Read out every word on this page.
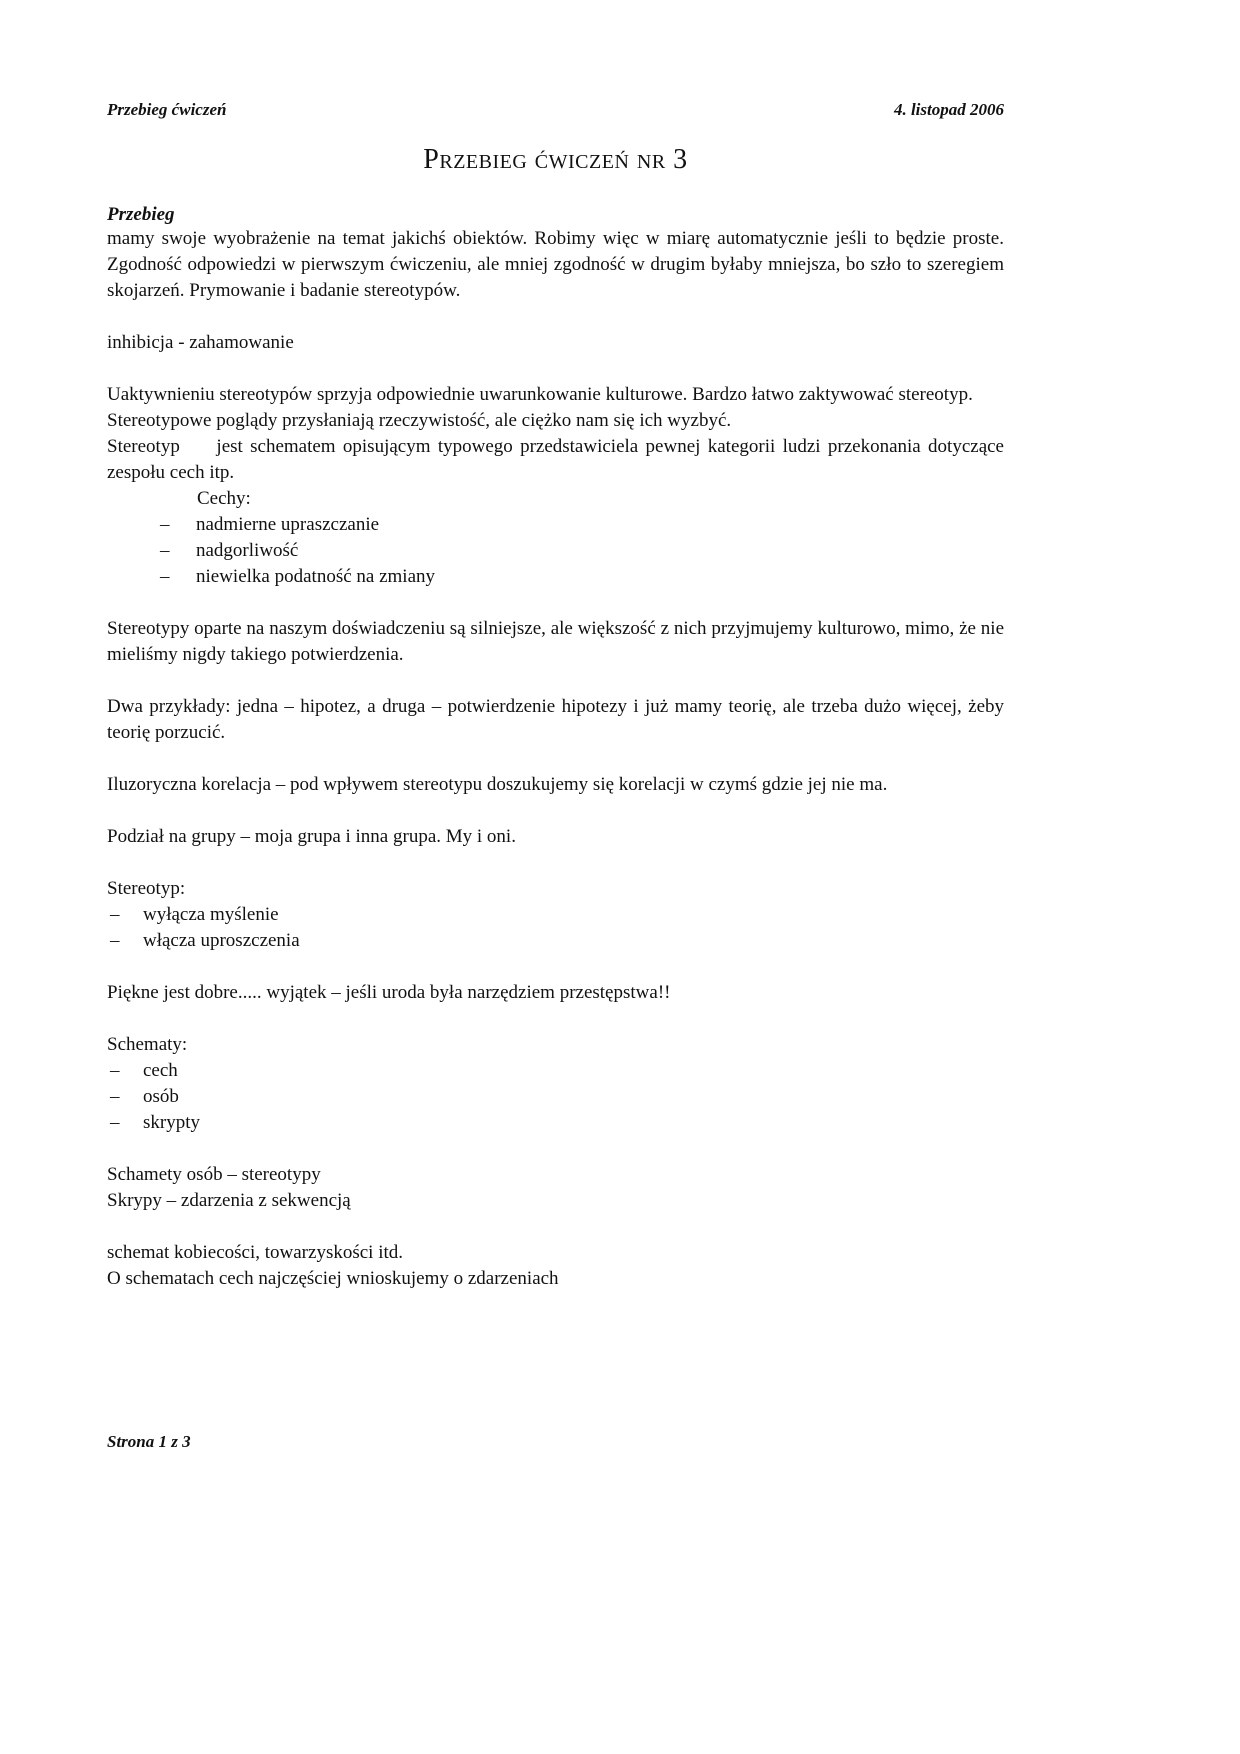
Przebieg ćwiczeń	4. listopad 2006
Przebieg ćwiczeń nr 3
Przebieg

mamy swoje wyobrażenie na temat jakichś obiektów. Robimy więc w miarę automatycznie jeśli to będzie proste. Zgodność odpowiedzi w pierwszym ćwiczeniu, ale mniej zgodność w drugim byłaby mniejsza, bo szło to szeregiem skojarzeń. Prymowanie i badanie stereotypów.

inhibicja - zahamowanie

Uaktywnieniu stereotypów sprzyja odpowiednie uwarunkowanie kulturowe. Bardzo łatwo zaktywować stereotyp.

Stereotypowe poglądy przysłaniają rzeczywistość, ale ciężko nam się ich wyzbyć.

Stereotyp     jest schematem opisującym typowego przedstawiciela pewnej kategorii ludzi przekonania dotyczące zespołu cech itp.

Cechy:

– nadmierne upraszczanie
– nadgorliwość
– niewielka podatność na zmiany

Stereotypy oparte na naszym doświadczeniu są silniejsze, ale większość z nich przyjmujemy kulturowo, mimo, że nie mieliśmy nigdy takiego potwierdzenia.

Dwa przykłady: jedna – hipotez, a druga – potwierdzenie hipotezy i już mamy teorię, ale trzeba dużo więcej, żeby teorię porzucić.

Iluzoryczna korelacja – pod wpływem stereotypu doszukujemy się korelacji w czymś gdzie jej nie ma.

Podział na grupy – moja grupa i inna grupa. My i oni.

Stereotyp:

– wyłącza myślenie
– włącza uproszczenia

Piękne jest dobre..... wyjątek – jeśli uroda była narzędziem przestępstwa!!

Schematy:

– cech
– osób
– skrypty

Schamety osób – stereotypy

Skrypy – zdarzenia z sekwencją

schemat kobiecości, towarzyskości itd.

O schematach cech najczęściej wnioskujemy o zdarzeniach

Strona 1 z 3
